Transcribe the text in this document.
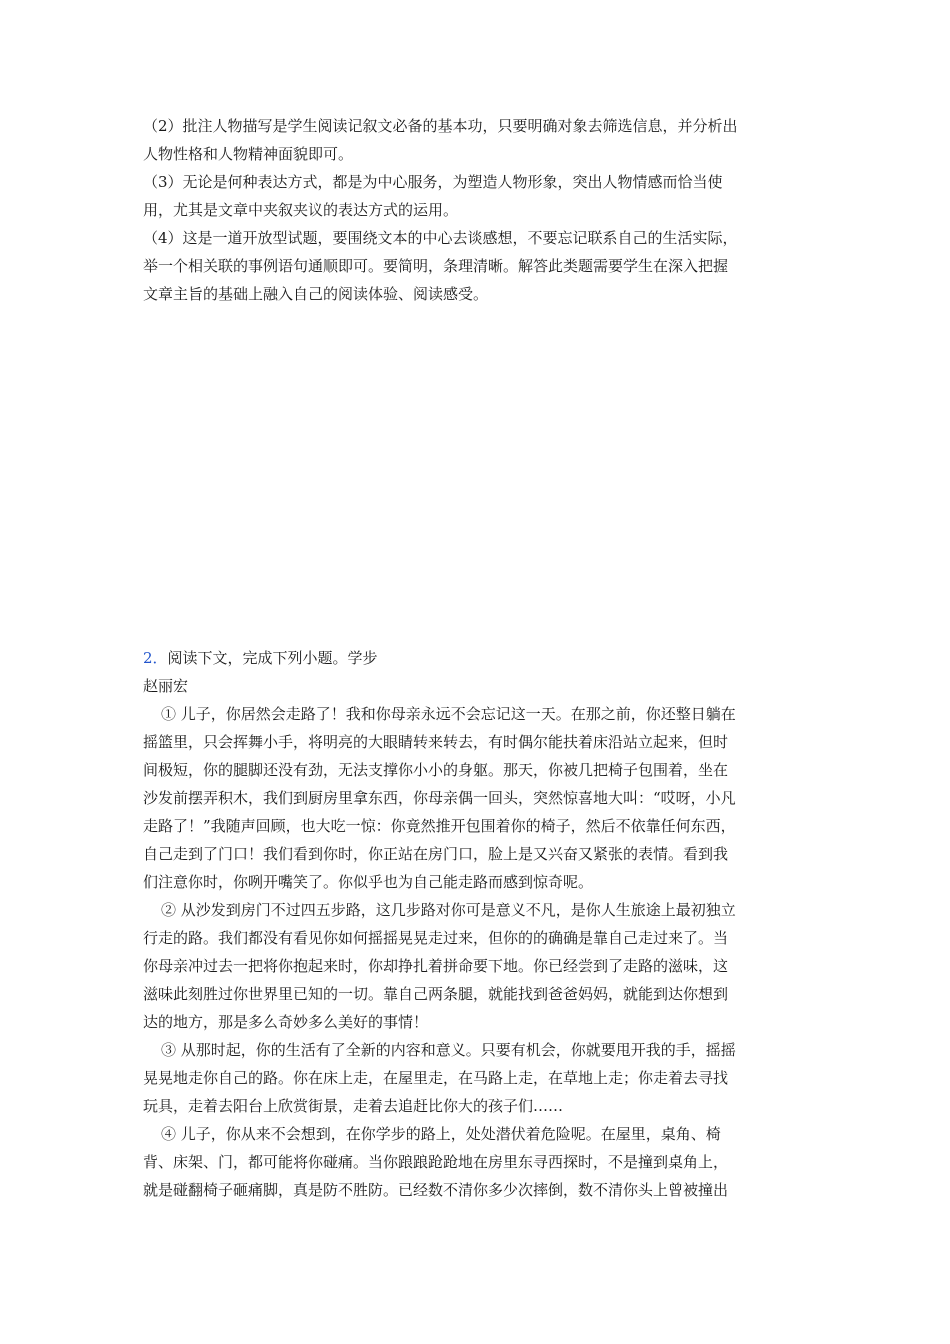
（2）批注人物描写是学生阅读记叙文必备的基本功，只要明确对象去筛选信息，并分析出

人物性格和人物精神面貌即可。

（3）无论是何种表达方式，都是为中心服务，为塑造人物形象，突出人物情感而恰当使

用，尤其是文章中夹叙夹议的表达方式的运用。

（4）这是一道开放型试题，要围绕文本的中心去谈感想，不要忘记联系自己的生活实际，

举一个相关联的事例语句通顺即可。要简明，条理清晰。解答此类题需要学生在深入把握

文章主旨的基础上融入自己的阅读体验、阅读感受。

2．阅读下文，完成下列小题。学步

赵丽宏

① 儿子，你居然会走路了！我和你母亲永远不会忘记这一天。在那之前，你还整日躺在

摇篮里，只会挥舞小手，将明亮的大眼睛转来转去，有时偶尔能扶着床沿站立起来，但时

间极短，你的腿脚还没有劲，无法支撑你小小的身躯。那天，你被几把椅子包围着，坐在

沙发前摆弄积木，我们到厨房里拿东西，你母亲偶一回头，突然惊喜地大叫：“哎呀，小凡

走路了！”我随声回顾，也大吃一惊：你竟然推开包围着你的椅子，然后不依靠任何东西，

自己走到了门口！我们看到你时，你正站在房门口，脸上是又兴奋又紧张的表情。看到我

们注意你时，你咧开嘴笑了。你似乎也为自己能走路而感到惊奇呢。

② 从沙发到房门不过四五步路，这几步路对你可是意义不凡，是你人生旅途上最初独立

行走的路。我们都没有看见你如何摇摇晃晃走过来，但你的的确确是靠自己走过来了。当

你母亲冲过去一把将你抱起来时，你却挣扎着拼命要下地。你已经尝到了走路的滋味，这

滋味此刻胜过你世界里已知的一切。靠自己两条腿，就能找到爸爸妈妈，就能到达你想到

达的地方，那是多么奇妙多么美好的事情！

③ 从那时起，你的生活有了全新的内容和意义。只要有机会，你就要甩开我的手，摇摇

晃晃地走你自己的路。你在床上走，在屋里走，在马路上走，在草地上走；你走着去寻找

玩具，走着去阳台上欣赏街景，走着去追赶比你大的孩子们……

④ 儿子，你从来不会想到，在你学步的路上，处处潜伏着危险呢。在屋里，桌角、椅

背、床架、门，都可能将你碰痛。当你踉踉跄跄地在房里东寻西探时，不是撞到桌角上，

就是碰翻椅子砸痛脚，真是防不胜防。已经数不清你多少次摔倒，数不清你头上曾被撞出
